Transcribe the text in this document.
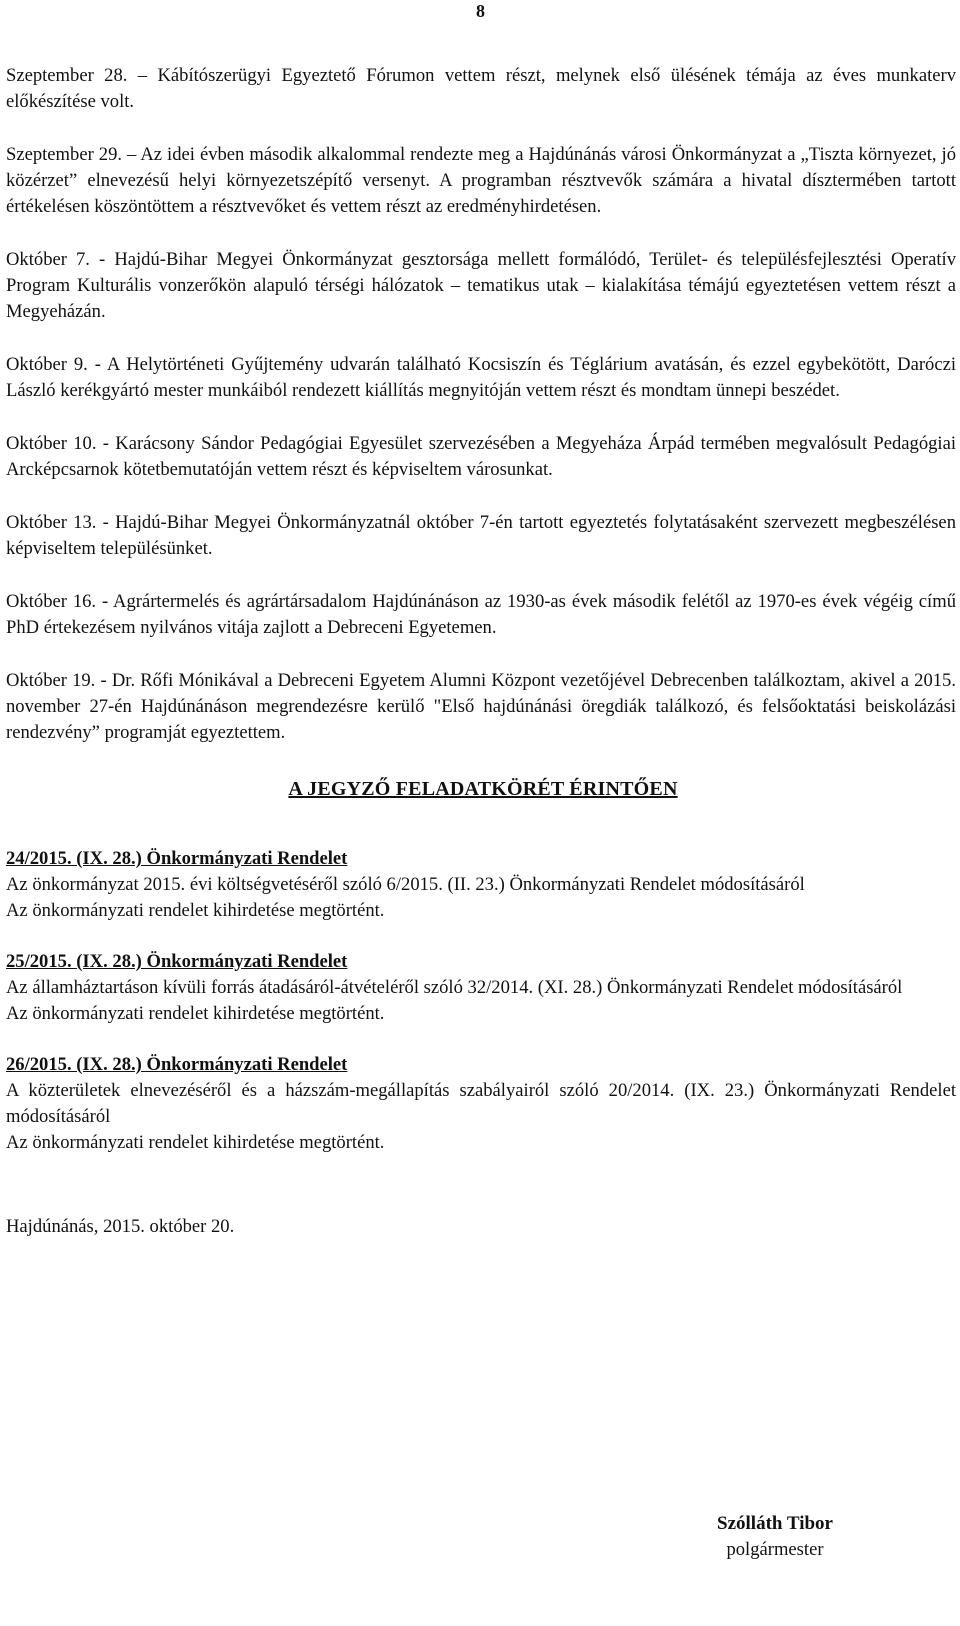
8

Szeptember 28. – Kábítószerügyi Egyeztető Fórumon vettem részt, melynek első ülésének témája az éves munkaterv előkészítése volt.

Szeptember 29. – Az idei évben második alkalommal rendezte meg a Hajdúnánás városi Önkormányzat a „Tiszta környezet, jó közérzet” elnevezésű helyi környezetszépítő versenyt. A programban résztvevők számára a hivatal dísztermében tartott értékelésen köszöntöttem a résztvevőket és vettem részt az eredményhirdetésen.

Október 7. - Hajdú-Bihar Megyei Önkormányzat gesztorsága mellett formálódó, Terület- és településfejlesztési Operatív Program Kulturális vonzerőkön alapuló térségi hálózatok – tematikus utak – kialakítása témájú egyeztetésen vettem részt a Megyeházán.

Október 9. - A Helytörténeti Gyűjtemény udvarán található Kocsiszín és Téglárium avatásán, és ezzel egybekötött, Daróczi László kerékgyártó mester munkáiból rendezett kiállítás megnyitóján vettem részt és mondtam ünnepi beszédet.

Október 10. - Karácsony Sándor Pedagógiai Egyesület szervezésében a Megyeháza Árpád termében megvalósult Pedagógiai Arcképcsarnok kötetbemutatóján vettem részt és képviseltem városunkat.

Október 13. - Hajdú-Bihar Megyei Önkormányzatnál október 7-én tartott egyeztetés folytatásaként szervezett megbeszélésen képviseltem településünket.

Október 16. - Agrártermelés és agrártársadalom Hajdúnánáson az 1930-as évek második felétől az 1970-es évek végéig című PhD értekezésem nyilvános vitája zajlott a Debreceni Egyetemen.

Október 19. - Dr. Rőfi Mónikával a Debreceni Egyetem Alumni Központ vezetőjével Debrecenben találkoztam, akivel a 2015. november 27-én Hajdúnánáson megrendezésre kerülő "Első hajdúnánási öregdiák találkozó, és felsőoktatási beiskolázási rendezvény” programját egyeztettem.

A JEGYZŐ FELADATKÖRÉT ÉRINTŐEN
24/2015. (IX. 28.) Önkormányzati Rendelet
Az önkormányzat 2015. évi költségvetéséről szóló 6/2015. (II. 23.) Önkormányzati Rendelet módosításáról
Az önkormányzati rendelet kihirdetése megtörtént.
25/2015. (IX. 28.) Önkormányzati Rendelet
Az államháztartáson kívüli forrás átadásáról-átvételéről szóló 32/2014. (XI. 28.) Önkormányzati Rendelet módosításáról
Az önkormányzati rendelet kihirdetése megtörtént.
26/2015. (IX. 28.) Önkormányzati Rendelet
A közterületek elnevezéséről és a házszám-megállapítás szabályairól szóló 20/2014. (IX. 23.) Önkormányzati Rendelet módosításáról
Az önkormányzati rendelet kihirdetése megtörtént.
Hajdúnánás, 2015. október 20.
Szólláth Tibor
polgármester
